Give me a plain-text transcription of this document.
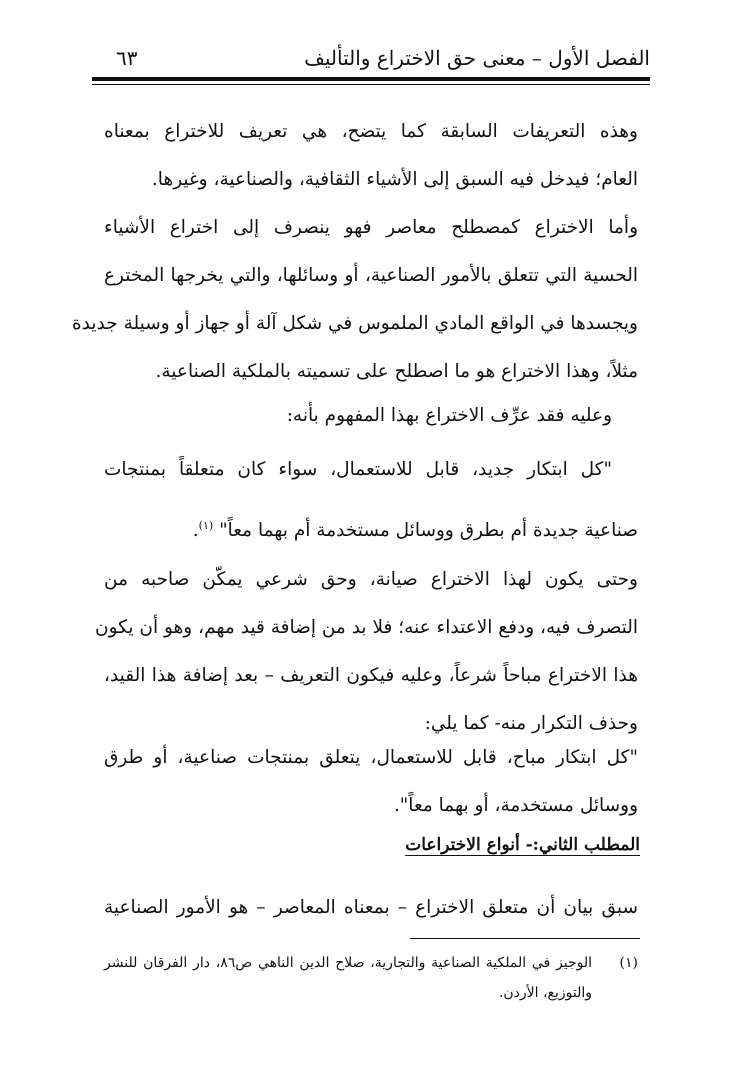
الفصل الأول – معنى حق الاختراع والتأليف
٦٣
وهذه التعريفات السابقة كما يتضح، هي تعريف للاختراع بمعناه
العام؛ فيدخل فيه السبق إلى الأشياء الثقافية، والصناعية، وغيرها.
وأما الاختراع كمصطلح معاصر فهو ينصرف إلى اختراع الأشياء
الحسية التي تتعلق بالأمور الصناعية، أو وسائلها، والتي يخرجها المخترع
ويجسدها في الواقع المادي الملموس في شكل آلة أو جهاز أو وسيلة جديدة
مثلاً، وهذا الاختراع هو ما اصطلح على تسميته بالملكية الصناعية.
وعليه فقد عرِّف الاختراع بهذا المفهوم بأنه:
"كل ابتكار جديد، قابل للاستعمال، سواء كان متعلقاً بمنتجات
صناعية جديدة أم بطرق ووسائل مستخدمة أم بهما معاً" $^{(١)}$.
وحتى يكون لهذا الاختراع صيانة، وحق شرعي يمكّن صاحبه من
التصرف فيه، ودفع الاعتداء عنه؛ فلا بد من إضافة قيد مهم، وهو أن يكون
هذا الاختراع مباحاً شرعاً، وعليه فيكون التعريف – بعد إضافة هذا القيد،
وحذف التكرار منه- كما يلي:
"كل ابتكار مباح، قابل للاستعمال، يتعلق بمنتجات صناعية، أو طرق
ووسائل مستخدمة، أو بهما معاً".
المطلب الثاني:- أنواع الاختراعات
سبق بيان أن متعلق الاختراع – بمعناه المعاصر – هو الأمور الصناعية
(١)
الوجيز في الملكية الصناعية والتجارية، صلاح الدين الناهي ص٨٦، دار الفرقان للنشر والتوزيع، الأردن.
